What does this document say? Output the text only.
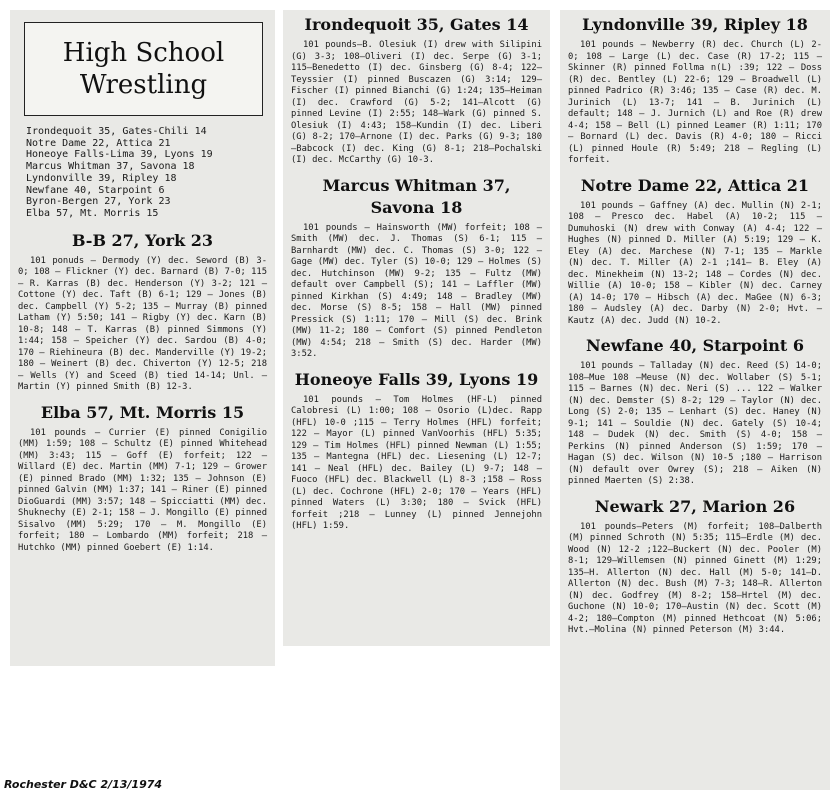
High School
Wrestling
Irondequoit 35, Gates-Chili 14
Notre Dame 22, Attica 21
Honeoye Falls-Lima 39, Lyons 19
Marcus Whitman 37, Savona 18
Lyndonville 39, Ripley 18
Newfane 40, Starpoint 6
Byron-Bergen 27, York 23
Elba 57, Mt. Morris 15
B-B 27, York 23

101 ponuds — Dermody (Y) dec. Seword (B) 3-0; 108 — Flickner (Y) dec. Barnard (B) 7-0; 115 — R. Karras (B) dec. Henderson (Y) 3-2; 121 — Cottone (Y) dec. Taft (B) 6-1; 129 — Jones (B) dec. Campbell (Y) 5-2; 135 — Murray (B) pinned Latham (Y) 5:50; 141 — Rigby (Y) dec. Karn (B) 10-8; 148 — T. Karras (B) pinned Simmons (Y) 1:44; 158 — Speicher (Y) dec. Sardou (B) 4-0; 170 — Riehineura (B) dec. Manderville (Y) 19-2; 180 — Weinert (B) dec. Chiverton (Y) 12-5; 218 — Wells (Y) and Sceed (B) tied 14-14; Unl. — Martin (Y) pinned Smith (B) 12-3.

Elba 57, Mt. Morris 15

101 pounds — Currier (E) pinned Conigilio (MM) 1:59; 108 — Schultz (E) pinned Whitehead (MM) 3:43; 115 — Goff (E) forfeit; 122 — Willard (E) dec. Martin (MM) 7-1; 129 — Grower (E) pinned Brado (MM) 1:32; 135 — Johnson (E) pinned Galvin (MM) 1:37; 141 — Riner (E) pinned DioGuardi (MM) 3:57; 148 — Spicciatti (MM) dec. Shuknechy (E) 2-1; 158 — J. Mongillo (E) pinned Sisalvo (MM) 5:29; 170 — M. Mongillo (E) forfeit; 180 — Lombardo (MM) forfeit; 218 — Hutchko (MM) pinned Goebert (E) 1:14.

Irondequoit 35, Gates 14

101 pounds—B. Olesiuk (I) drew with Silipini (G) 3-3; 108—Oliveri (I) dec. Serpe (G) 3-1; 115—Benedetto (I) dec. Ginsberg (G) 8-4; 122—Teyssier (I) pinned Buscazen (G) 3:14; 129—Fischer (I) pinned Bianchi (G) 1:24; 135—Heiman (I) dec. Crawford (G) 5-2; 141—Alcott (G) pinned Levine (I) 2:55; 148—Wark (G) pinned S. Olesiuk (I) 4:43; 158—Kundin (I) dec. Liberi (G) 8-2; 170—Arnone (I) dec. Parks (G) 9-3; 180—Babcock (I) dec. King (G) 8-1; 218—Pochalski (I) dec. McCarthy (G) 10-3.

Marcus Whitman 37,
Savona 18

101 pounds — Hainsworth (MW) forfeit; 108 — Smith (MW) dec. J. Thomas (S) 6-1; 115 — Barnhardt (MW) dec. C. Thomas (S) 3-0; 122 — Gage (MW) dec. Tyler (S) 10-0; 129 — Holmes (S) dec. Hutchinson (MW) 9-2; 135 — Fultz (MW) default over Campbell (S); 141 — Laffler (MW) pinned Kirkhan (S) 4:49; 148 — Bradley (MW) dec. Morse (S) 8-5; 158 — Hall (MW) pinned Pressick (S) 1:11; 170 — Mill (S) dec. Brink (MW) 11-2; 180 — Comfort (S) pinned Pendleton (MW) 4:54; 218 — Smith (S) dec. Harder (MW) 3:52.

Honeoye Falls 39, Lyons 19

101 pounds — Tom Holmes (HF-L) pinned Calobresi (L) 1:00; 108 — Osorio (L)dec. Rapp (HFL) 10-0 ;115 — Terry Holmes (HFL) forfeit; 122 — Mayor (L) pinned VanVoorhis (HFL) 5:35; 129 — Tim Holmes (HFL) pinned Newman (L) 1:55; 135 — Mantegna (HFL) dec. Liesening (L) 12-7; 141 — Neal (HFL) dec. Bailey (L) 9-7; 148 — Fuoco (HFL) dec. Blackwell (L) 8-3 ;158 — Ross (L) dec. Cochrone (HFL) 2-0; 170 — Years (HFL) pinned Waters (L) 3:30; 180 — Svick (HFL) forfeit ;218 — Lunney (L) pinned Jennejohn (HFL) 1:59.

Lyndonville 39, Ripley 18

101 pounds — Newberry (R) dec. Church (L) 2-0; 108 — Large (L) dec. Case (R) 17-2; 115 — Skinner (R) pinned Follma n(L) :39; 122 — Doss (R) dec. Bentley (L) 22-6; 129 — Broadwell (L) pinned Padrico (R) 3:46; 135 — Case (R) dec. M. Jurinich (L) 13-7; 141 — B. Jurinich (L) default; 148 — J. Jurnich (L) and Roe (R) drew 4-4; 158 — Bell (L) pinned Leamer (R) 1:11; 170 — Bornard (L) dec. Davis (R) 4-0; 180 — Ricci (L) pinned Houle (R) 5:49; 218 — Regling (L) forfeit.

Notre Dame 22, Attica 21

101 pounds — Gaffney (A) dec. Mullin (N) 2-1; 108 — Presco dec. Habel (A) 10-2; 115 — Dumuhoski (N) drew with Conway (A) 4-4; 122 — Hughes (N) pinned D. Miller (A) 5:19; 129 — K. Eley (A) dec. Marchese (N) 7-1; 135 — Markle (N) dec. T. Miller (A) 2-1 ;141— B. Eley (A) dec. Minekheim (N) 13-2; 148 — Cordes (N) dec. Willie (A) 10-0; 158 — Kibler (N) dec. Carney (A) 14-0; 170 — Hibsch (A) dec. MaGee (N) 6-3; 180 — Audsley (A) dec. Darby (N) 2-0; Hvt. — Kautz (A) dec. Judd (N) 10-2.

Newfane 40, Starpoint 6

101 pounds — Talladay (N) dec. Reed (S) 14-0; 108—Mue 108 —Meuse (N) dec. Wollaber (S) 5-1; 115 — Barnes (N) dec. Neri (S) ... 122 — Walker (N) dec. Demster (S) 8-2; 129 — Taylor (N) dec. Long (S) 2-0; 135 — Lenhart (S) dec. Haney (N) 9-1; 141 — Souldie (N) dec. Gately (S) 10-4; 148 — Dudek (N) dec. Smith (S) 4-0; 158 — Perkins (N) pinned Anderson (S) 1:59; 170 — Hagan (S) dec. Wilson (N) 10-5 ;180 — Harrison (N) default over Owrey (S); 218 — Aiken (N) pinned Maerten (S) 2:38.

Newark 27, Marion 26

101 pounds—Peters (M) forfeit; 108—Dalberth (M) pinned Schroth (N) 5:35; 115—Erdle (M) dec. Wood (N) 12-2 ;122—Buckert (N) dec. Pooler (M) 8-1; 129—Willemsen (N) pinned Ginett (M) 1:29; 135—H. Allerton (N) dec. Hall (M) 5-0; 141—D. Allerton (N) dec. Bush (M) 7-3; 148—R. Allerton (N) dec. Godfrey (M) 8-2; 158—Hrtel (M) dec. Guchone (N) 10-0; 170—Austin (N) dec. Scott (M) 4-2; 180—Compton (M) pinned Hethcoat (N) 5:06; Hvt.—Molina (N) pinned Peterson (M) 3:44.

Rochester D&C 2/13/1974
